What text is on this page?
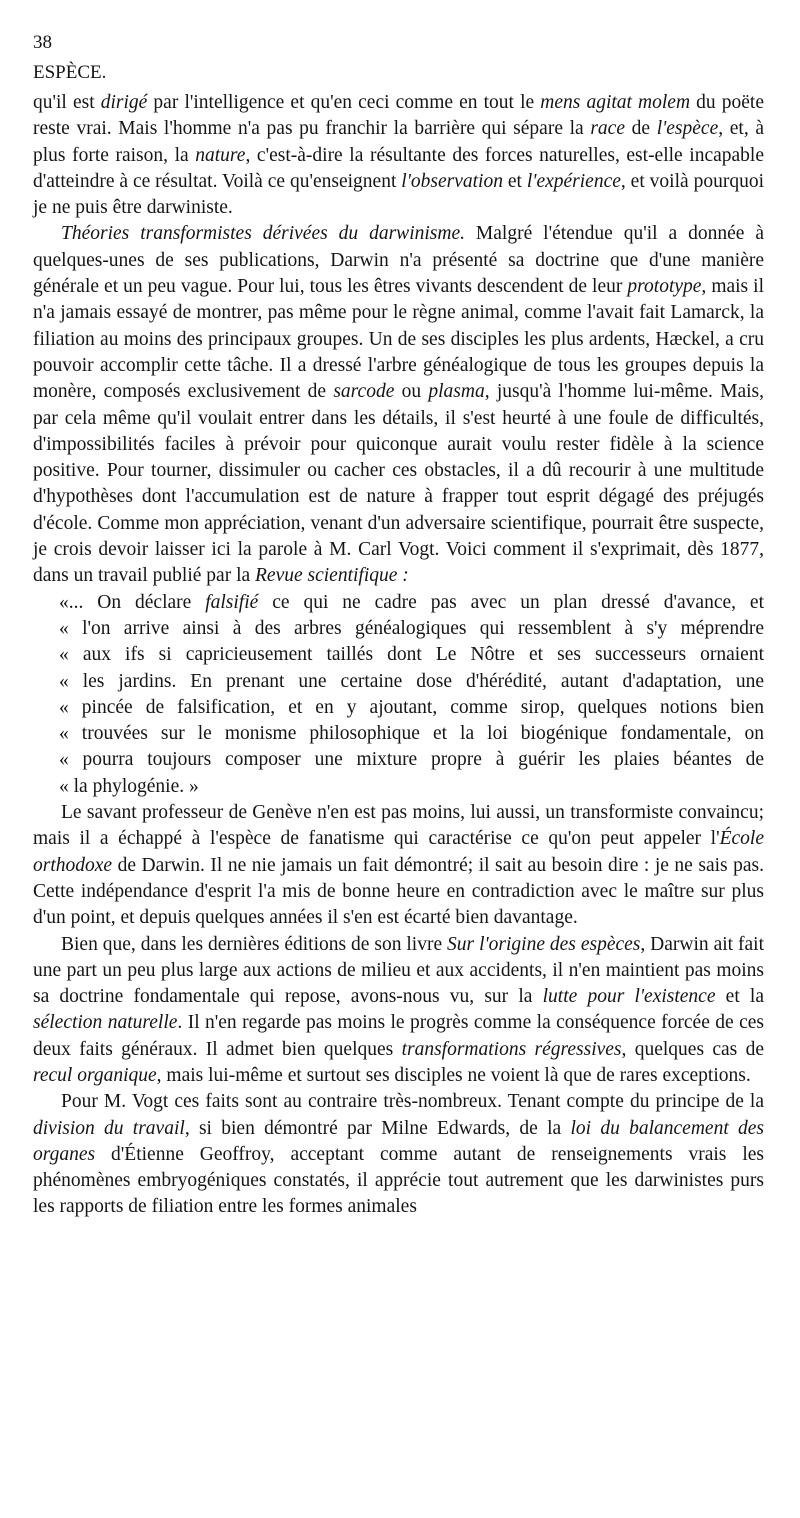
38
ESPÈCE.

qu'il est dirigé par l'intelligence et qu'en ceci comme en tout le mens agitat molem du poëte reste vrai. Mais l'homme n'a pas pu franchir la barrière qui sépare la race de l'espèce, et, à plus forte raison, la nature, c'est-à-dire la résultante des forces naturelles, est-elle incapable d'atteindre à ce résultat. Voilà ce qu'enseignent l'observation et l'expérience, et voilà pourquoi je ne puis être darwiniste.

Théories transformistes dérivées du darwinisme. Malgré l'étendue qu'il a donnée à quelques-unes de ses publications, Darwin n'a présenté sa doctrine que d'une manière générale et un peu vague. Pour lui, tous les êtres vivants descendent de leur prototype, mais il n'a jamais essayé de montrer, pas même pour le règne animal, comme l'avait fait Lamarck, la filiation au moins des principaux groupes. Un de ses disciples les plus ardents, Hæckel, a cru pouvoir accomplir cette tâche. Il a dressé l'arbre généalogique de tous les groupes depuis la monère, composés exclusivement de sarcode ou plasma, jusqu'à l'homme lui-même. Mais, par cela même qu'il voulait entrer dans les détails, il s'est heurté à une foule de difficultés, d'impossibilités faciles à prévoir pour quiconque aurait voulu rester fidèle à la science positive. Pour tourner, dissimuler ou cacher ces obstacles, il a dû recourir à une multitude d'hypothèses dont l'accumulation est de nature à frapper tout esprit dégagé des préjugés d'école. Comme mon appréciation, venant d'un adversaire scientifique, pourrait être suspecte, je crois devoir laisser ici la parole à M. Carl Vogt. Voici comment il s'exprimait, dès 1877, dans un travail publié par la Revue scientifique :

«... On déclare falsifié ce qui ne cadre pas avec un plan dressé d'avance, et
« l'on arrive ainsi à des arbres généalogiques qui ressemblent à s'y méprendre
« aux ifs si capricieusement taillés dont Le Nôtre et ses successeurs ornaient
« les jardins. En prenant une certaine dose d'hérédité, autant d'adaptation, une
« pincée de falsification, et en y ajoutant, comme sirop, quelques notions bien
« trouvées sur le monisme philosophique et la loi biogénique fondamentale, on
« pourra toujours composer une mixture propre à guérir les plaies béantes de
« la phylogénie. »

Le savant professeur de Genève n'en est pas moins, lui aussi, un transformiste convaincu; mais il a échappé à l'espèce de fanatisme qui caractérise ce qu'on peut appeler l'École orthodoxe de Darwin. Il ne nie jamais un fait démontré; il sait au besoin dire : je ne sais pas. Cette indépendance d'esprit l'a mis de bonne heure en contradiction avec le maître sur plus d'un point, et depuis quelques années il s'en est écarté bien davantage.

Bien que, dans les dernières éditions de son livre Sur l'origine des espèces, Darwin ait fait une part un peu plus large aux actions de milieu et aux accidents, il n'en maintient pas moins sa doctrine fondamentale qui repose, avons-nous vu, sur la lutte pour l'existence et la sélection naturelle. Il n'en regarde pas moins le progrès comme la conséquence forcée de ces deux faits généraux. Il admet bien quelques transformations régressives, quelques cas de recul organique, mais lui-même et surtout ses disciples ne voient là que de rares exceptions.

Pour M. Vogt ces faits sont au contraire très-nombreux. Tenant compte du principe de la division du travail, si bien démontré par Milne Edwards, de la loi du balancement des organes d'Étienne Geoffroy, acceptant comme autant de renseignements vrais les phénomènes embryogéniques constatés, il apprécie tout autrement que les darwinistes purs les rapports de filiation entre les formes animales
